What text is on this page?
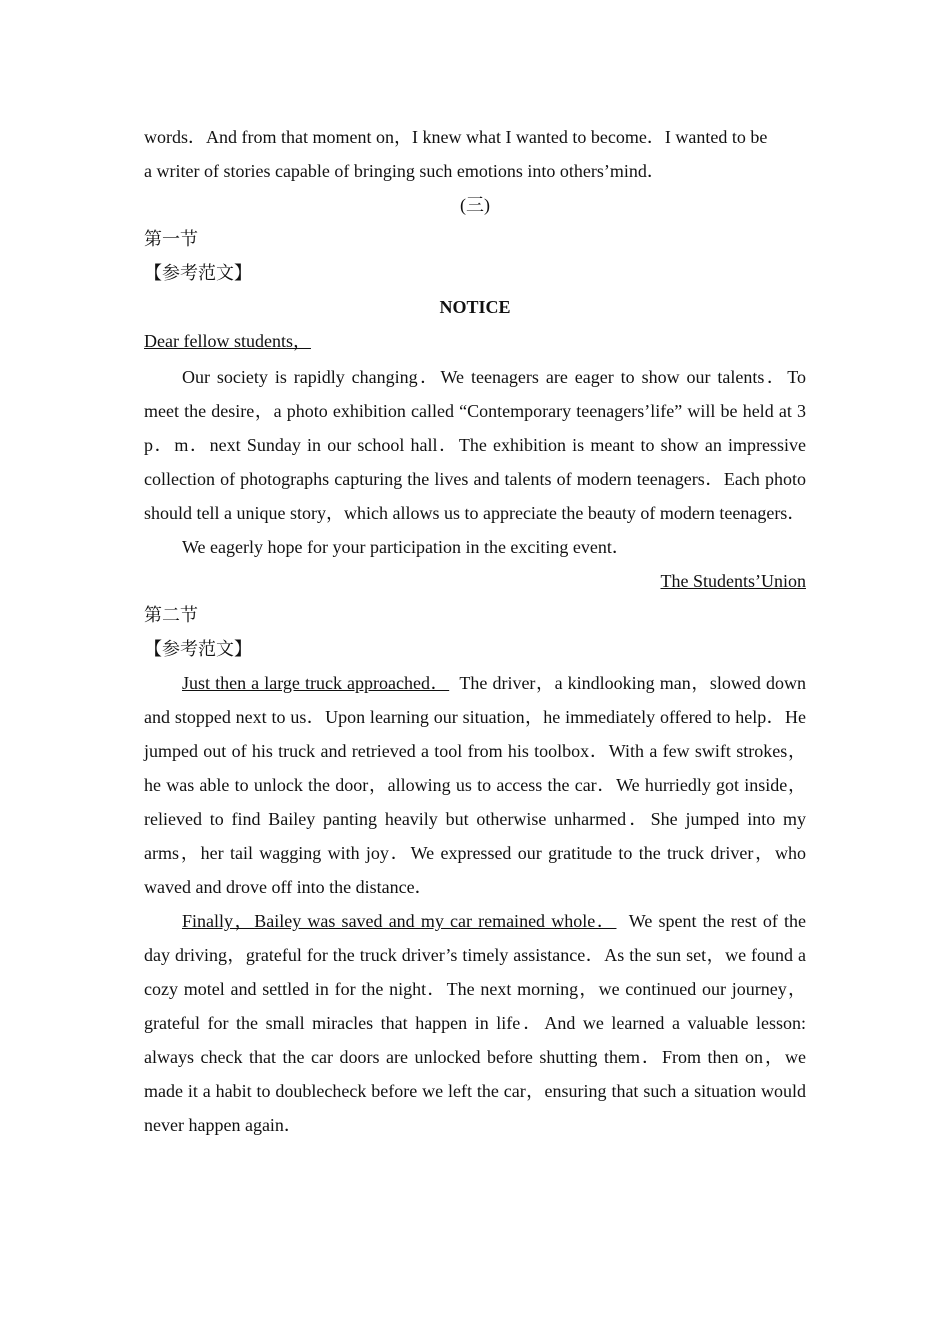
words．And from that moment on，I knew what I wanted to become．I wanted to be

a writer of stories capable of bringing such emotions into others’mind．

(三)

第一节

【参考范文】

NOTICE

Dear fellow students，

Our society is rapidly changing．We teenagers are eager to show our talents．To meet the desire，a photo exhibition called “Contemporary teenagers’life” will be held at 3 p．m．next Sunday in our school hall．The exhibition is meant to show an impressive collection of photographs capturing the lives and talents of modern teenagers．Each photo should tell a unique story，which allows us to appreciate the beauty of modern teenagers．

We eagerly hope for your participation in the exciting event．

The Students’Union

第二节

【参考范文】

Just then a large truck approached． The driver，a kindlooking man，slowed down and stopped next to us．Upon learning our situation，he immediately offered to help．He jumped out of his truck and retrieved a tool from his toolbox．With a few swift strokes，he was able to unlock the door，allowing us to access the car．We hurriedly got inside，relieved to find Bailey panting heavily but otherwise unharmed．She jumped into my arms，her tail wagging with joy．We expressed our gratitude to the truck driver，who waved and drove off into the distance．

Finally，Bailey was saved and my car remained whole． We spent the rest of the day driving，grateful for the truck driver’s timely assistance．As the sun set，we found a cozy motel and settled in for the night．The next morning，we continued our journey，grateful for the small miracles that happen in life．And we learned a valuable lesson: always check that the car doors are unlocked before shutting them．From then on，we made it a habit to doublecheck before we left the car，ensuring that such a situation would never happen again．
